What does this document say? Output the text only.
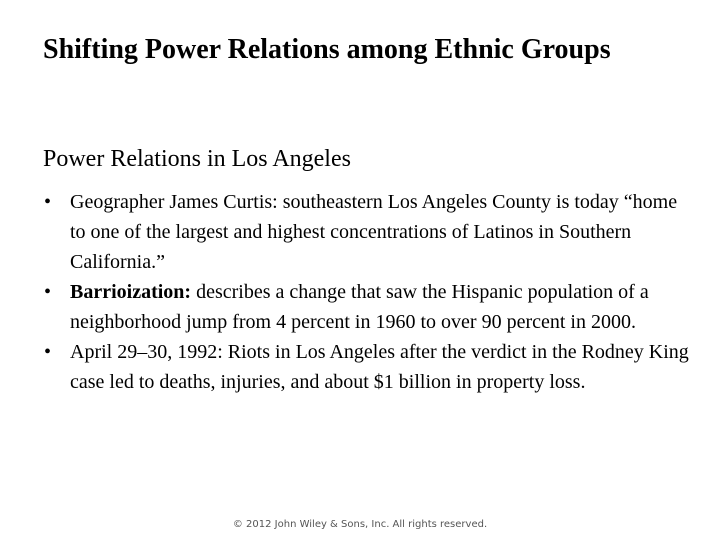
Shifting Power Relations among Ethnic Groups
Power Relations in Los Angeles
• Geographer James Curtis: southeastern Los Angeles County is today “home to one of the largest and highest concentrations of Latinos in Southern California.”
• Barrioization: describes a change that saw the Hispanic population of a neighborhood jump from 4 percent in 1960 to over 90 percent in 2000.
• April 29–30, 1992: Riots in Los Angeles after the verdict in the Rodney King case led to deaths, injuries, and about $1 billion in property loss.
© 2012 John Wiley & Sons, Inc. All rights reserved.
